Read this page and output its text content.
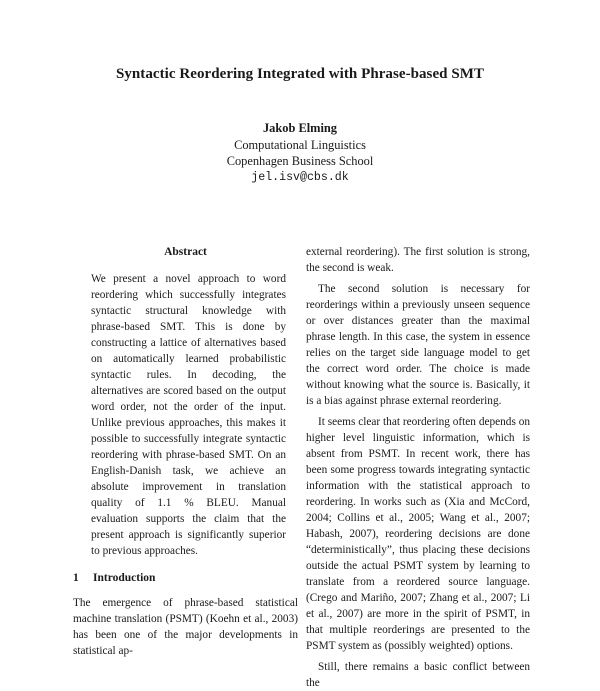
Syntactic Reordering Integrated with Phrase-based SMT
Jakob Elming
Computational Linguistics
Copenhagen Business School
jel.isv@cbs.dk
Abstract
We present a novel approach to word reordering which successfully integrates syntactic structural knowledge with phrase-based SMT. This is done by constructing a lattice of alternatives based on automatically learned probabilistic syntactic rules. In decoding, the alternatives are scored based on the output word order, not the order of the input. Unlike previous approaches, this makes it possible to successfully integrate syntactic reordering with phrase-based SMT. On an English-Danish task, we achieve an absolute improvement in translation quality of 1.1 % BLEU. Manual evaluation supports the claim that the present approach is significantly superior to previous approaches.
1 Introduction

The emergence of phrase-based statistical machine translation (PSMT) (Koehn et al., 2003) has been one of the major developments in statistical ap-

external reordering). The first solution is strong, the second is weak.

The second solution is necessary for reorderings within a previously unseen sequence or over distances greater than the maximal phrase length. In this case, the system in essence relies on the target side language model to get the correct word order. The choice is made without knowing what the source is. Basically, it is a bias against phrase external reordering.

It seems clear that reordering often depends on higher level linguistic information, which is absent from PSMT. In recent work, there has been some progress towards integrating syntactic information with the statistical approach to reordering. In works such as (Xia and McCord, 2004; Collins et al., 2005; Wang et al., 2007; Habash, 2007), reordering decisions are done “deterministically”, thus placing these decisions outside the actual PSMT system by learning to translate from a reordered source language. (Crego and Mariño, 2007; Zhang et al., 2007; Li et al., 2007) are more in the spirit of PSMT, in that multiple reorderings are presented to the PSMT system as (possibly weighted) options.

Still, there remains a basic conflict between the
